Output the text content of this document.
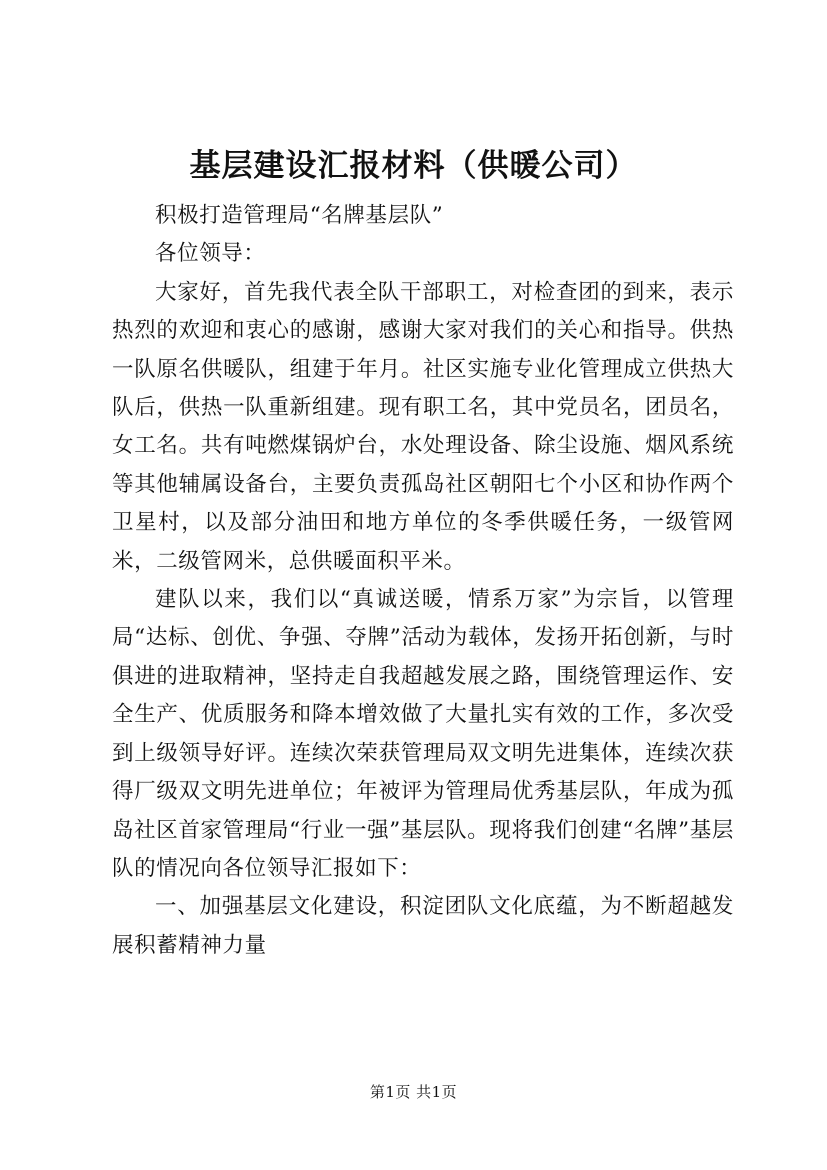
基层建设汇报材料（供暖公司）

积极打造管理局“名牌基层队”

各位领导：

大家好，首先我代表全队干部职工，对检查团的到来，表示热烈的欢迎和衷心的感谢，感谢大家对我们的关心和指导。供热一队原名供暖队，组建于年月。社区实施专业化管理成立供热大队后，供热一队重新组建。现有职工名，其中党员名，团员名，女工名。共有吨燃煤锅炉台，水处理设备、除尘设施、烟风系统等其他辅属设备台，主要负责孤岛社区朝阳七个小区和协作两个卫星村，以及部分油田和地方单位的冬季供暖任务，一级管网米，二级管网米，总供暖面积平米。

建队以来，我们以“真诚送暖，情系万家”为宗旨，以管理局“达标、创优、争强、夺牌”活动为载体，发扬开拓创新，与时俱进的进取精神，坚持走自我超越发展之路，围绕管理运作、安全生产、优质服务和降本增效做了大量扎实有效的工作，多次受到上级领导好评。连续次荣获管理局双文明先进集体，连续次获得厂级双文明先进单位；年被评为管理局优秀基层队，年成为孤岛社区首家管理局“行业一强”基层队。现将我们创建“名牌”基层队的情况向各位领导汇报如下：

一、加强基层文化建设，积淀团队文化底蕴，为不断超越发展积蓄精神力量

第1页 共1页
